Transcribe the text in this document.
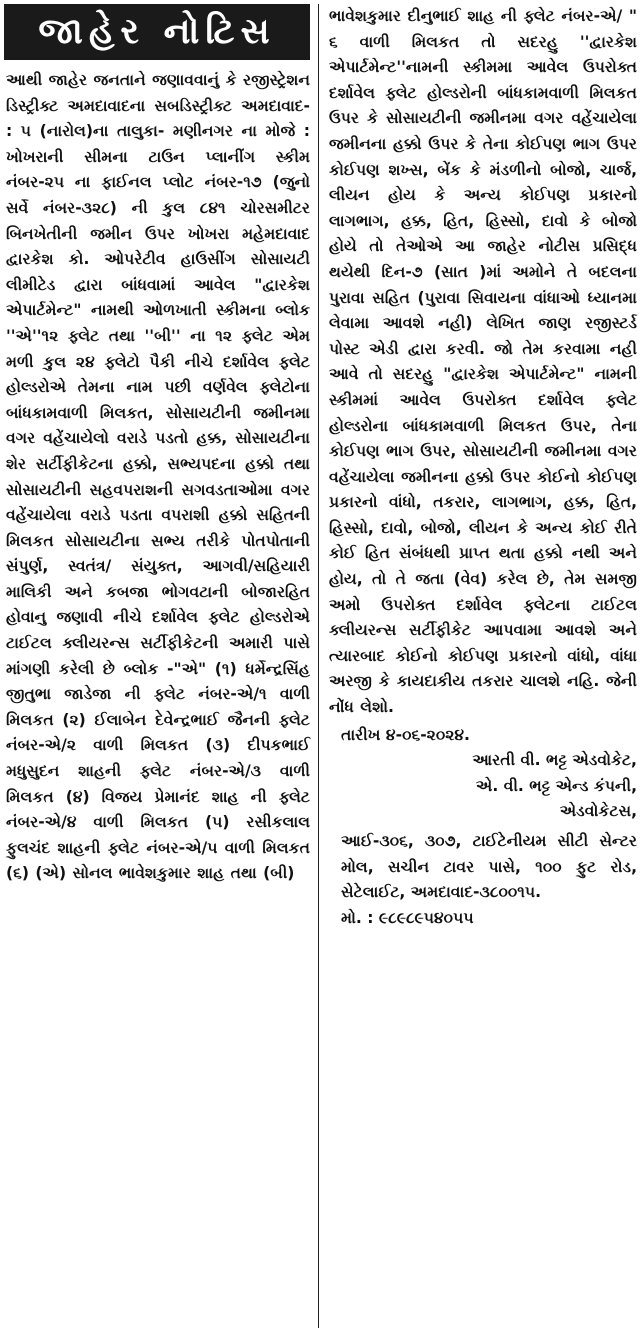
જાહેર નોટિસ

આથી જાહેર જનતાને જણાવવાનું કે રજીસ્ટ્રેશન ડિસ્ટ્રીક્ટ અમદાવાદના સબડિસ્ટ્રીક્ટ અમદાવાદ- : ૫ (નારોલ)ના તાલુકા- મણીનગર ના મોજે : ખોખરાની સીમના ટાઉન પ્લાનીંગ સ્કીમ નંબર-૨૫ ના ફાઈનલ પ્લોટ નંબર-૧૭ (જુનો સર્વે નંબર-૩૨૮) ની કુલ ૮૪૧ ચોરસમીટર બિનખેતીની જમીન ઉપર ખોખરા મહેમદાવાદ દ્વારકેશ કો. ઓપરેટીવ હાઉસીંગ સોસાયટી લીમીટેડ દ્વારા બાંધવામાં આવેલ "દ્વારકેશ એપાર્ટમેન્ટ" નામથી ઓળખાતી સ્કીમના બ્લોક ''એ''૧૨ ફ્લેટ તથા ''બી'' ના ૧૨ ફ્લેટ એમ મળી કુલ ૨૪ ફ્લેટો પૈકી નીચે દર્શાવેલ ફ્લેટ હોલ્ડરોએ તેમના નામ પછી વર્ણવેલ ફ્લેટોના બાંધકામવાળી મિલકત, સોસાયટીની જમીનમા વગર વહેંચાયેલો વરાડે પડતો હક્ક, સોસાયટીના શેર સર્ટીફીકેટના હક્કો, સભ્યપદના હક્કો તથા સોસાયટીની સહવપરાશની સગવડતાઓમા વગર વહેંચાયેલા વરાડે પડતા વપરાશી હક્કો સહિતની મિલકત સોસાયટીના સભ્ય તરીકે પોતપોતાની સંપુર્ણ, સ્વતંત્ર/ સંયુક્ત, આગવી/સહિયારી માલિકી અને કબજા ભોગવટાની બોજારહિત હોવાનુ જણાવી નીચે દર્શાવેલ ફ્લેટ હોલ્ડરોએ ટાઈટલ ક્લીયરન્સ સર્ટીફીકેટની અમારી પાસે માંગણી કરેલી છે બ્લોક -"એ" (૧) ધર્મેન્દ્રસિંહ જીતુભા જાડેજા ની ફ્લેટ નંબર-એ/૧ વાળી મિલકત (૨) ઈલાબેન દેવેન્દ્રભાઈ જૈનની ફ્લેટ નંબર-એ/૨ વાળી મિલકત (૩) દીપકભાઈ મધુસુદન શાહની ફ્લેટ નંબર-એ/૩ વાળી મિલકત (૪) વિજય પ્રેમાનંદ શાહ ની ફ્લેટ નંબર-એ/૪ વાળી મિલકત (૫) રસીકલાલ ફુલચંદ શાહની ફ્લેટ નંબર-એ/૫ વાળી મિલકત (૬) (એ) સોનલ ભાવેશકુમાર શાહ તથા (બી)

ભાવેશકુમાર દીનુભાઈ શાહ ની ફ્લેટ નંબર-એ/ " ૬ વાળી મિલકત તો સદરહુ ''દ્વારકેશ એપાર્ટમેન્ટ''નામની સ્કીમમા આવેલ ઉપરોક્ત દર્શાવેલ ફ્લેટ હોલ્ડરોની બાંધકામવાળી મિલકત ઉપર કે સોસાયટીની જમીનમા વગર વહેંચાયેલા જમીનના હક્કો ઉપર કે તેના કોઈપણ ભાગ ઉપર કોઈપણ શખ્સ, બેંક કે મંડળીનો બોજો, ચાર્જ, લીયન હોય કે અન્ય કોઈપણ પ્રકારનો લાગભાગ, હક્ક, હિત, હિસ્સો, દાવો કે બોજો હોયે તો તેઓએ આ જાહેર નોટીસ પ્રસિદ્ધ થયેથી દિન-૭ (સાત )માં અમોને તે બદલના પુરાવા સહિત (પુરાવા સિવાયના વાંધાઓ ધ્યાનમા લેવામા આવશે નહી) લેખિત જાણ રજીસ્ટર્ડ પોસ્ટ એડી દ્વારા કરવી. જો તેમ કરવામા નહી આવે તો સદરહુ "દ્વારકેશ એપાર્ટમેન્ટ" નામની સ્કીમમાં આવેલ ઉપરોક્ત દર્શાવેલ ફ્લેટ હોલ્ડરોના બાંધકામવાળી મિલકત ઉપર, તેના કોઈપણ ભાગ ઉપર, સોસાયટીની જમીનમા વગર વહેંચાયેલા જમીનના હક્કો ઉપર કોઈનો કોઈપણ પ્રકારનો વાંધો, તકરાર, લાગભાગ, હક્ક, હિત, હિસ્સો, દાવો, બોજો, લીયન કે અન્ય કોઈ રીતે કોઈ હિત સંબંધથી પ્રાપ્ત થતા હક્કો નથી અને હોય, તો તે જતા (વેવ) કરેલ છે, તેમ સમજી અમો ઉપરોક્ત દર્શાવેલ ફ્લેટના ટાઈટલ ક્લીયરન્સ સર્ટીફીકેટ આપવામા આવશે અને ત્યારબાદ કોઈનો કોઈપણ પ્રકારનો વાંધો, વાંધા અરજી કે કાયદાકીય તકરાર ચાલશે નહિ. જેની નોંધ લેશો.

તારીખ ૪-૦૬-૨૦૨૪.

આરતી વી. ભટ્ટ એડવોકેટ,

એ. વી. ભટ્ટ એન્ડ કંપની,

એડવોકેટસ,

આઈ-૩૦૬, ૩૦૭, ટાઈટેનીયમ સીટી સેન્ટર મોલ, સચીન ટાવર પાસે, ૧૦૦ ફુટ રોડ, સેટેલાઈટ, અમદાવાદ-૩૮૦૦૧૫.

મો. : ૯૮૯૮૯૫૪૦૫૫
